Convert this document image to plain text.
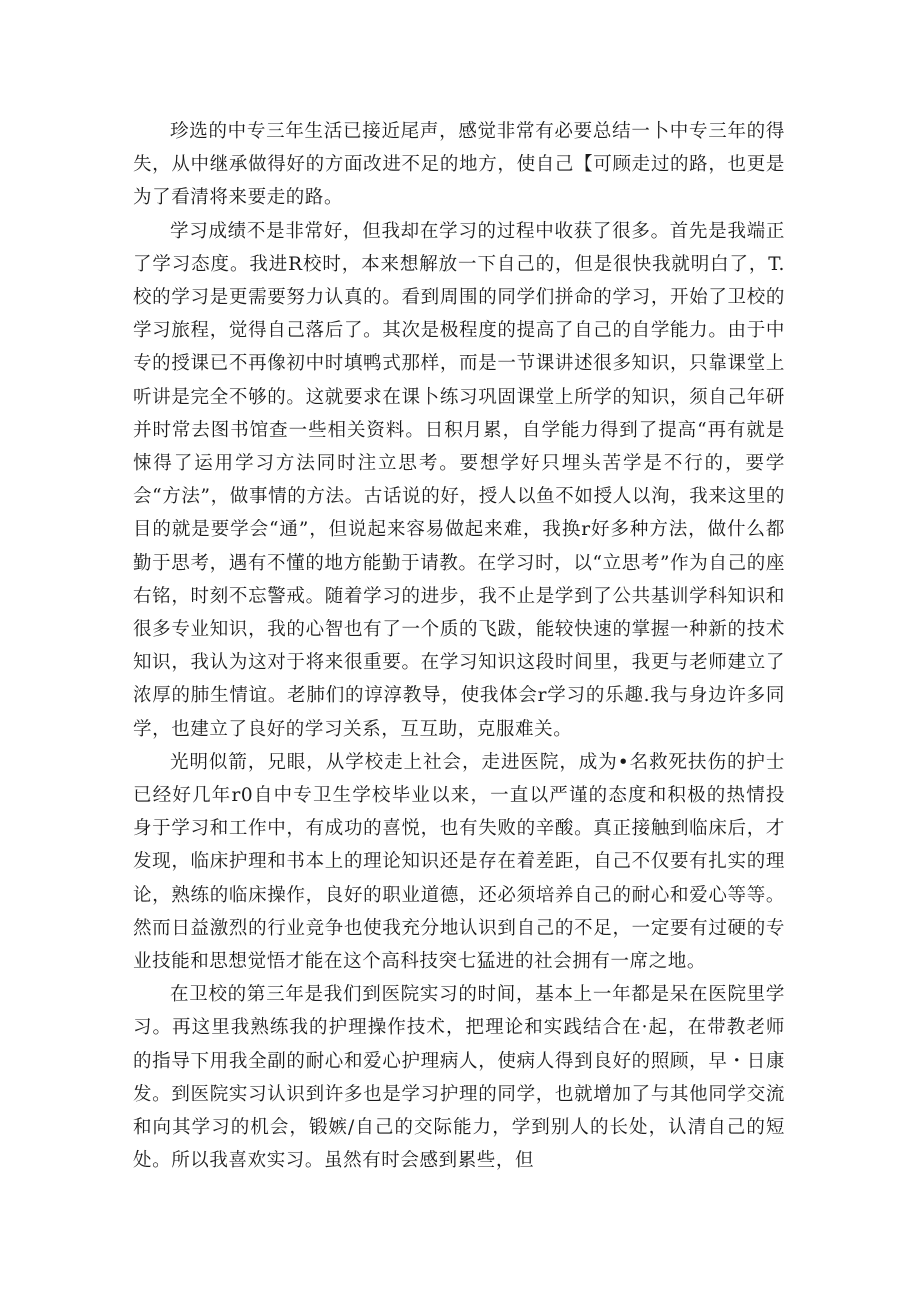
珍选的中专三年生活已接近尾声，感觉非常有必要总结一卜中专三年的得失，从中继承做得好的方面改进不足的地方，使自己【可顾走过的路，也更是为了看清将来要走的路。

学习成绩不是非常好，但我却在学习的过程中收获了很多。首先是我端正了学习态度。我进R校时，本来想解放一下自己的，但是很快我就明白了，T.校的学习是更需要努力认真的。看到周围的同学们拼命的学习，开始了卫校的学习旅程，觉得自己落后了。其次是极程度的提高了自己的自学能力。由于中专的授课已不再像初中时填鸭式那样，而是一节课讲述很多知识，只靠课堂上听讲是完全不够的。这就要求在课卜练习巩固课堂上所学的知识，须自己年研并时常去图书馆查一些相关资料。日积月累，自学能力得到了提高“再有就是悚得了运用学习方法同时注立思考。要想学好只埋头苦学是不行的，要学会“方法”，做事情的方法。古话说的好，授人以鱼不如授人以洵，我来这里的目的就是要学会“通”，但说起来容易做起来难，我换r好多种方法，做什么都勤于思考，遇有不懂的地方能勤于请教。在学习时，以“立思考”作为自己的座右铭，时刻不忘警戒。随着学习的进步，我不止是学到了公共基训学科知识和很多专业知识，我的心智也有了一个质的飞跋，能较快速的掌握一种新的技术知识，我认为这对于将来很重要。在学习知识这段时间里，我更与老师建立了浓厚的肺生情谊。老肺们的谆淳教导，使我体会r学习的乐趣.我与身边许多同学，也建立了良好的学习关系，互互助，克服难关。

光明似箭，兄眼，从学校走上社会，走进医院，成为•名救死扶伤的护士已经好几年r0自中专卫生学校毕业以来，一直以严谨的态度和积极的热情投身于学习和工作中，有成功的喜悦，也有失败的辛酸。真正接触到临床后，才发现，临床护理和书本上的理论知识还是存在着差距，自己不仅要有扎实的理论，熟练的临床操作，良好的职业道德，还必须培养自己的耐心和爱心等等。然而日益激烈的行业竞争也使我充分地认识到自己的不足，一定要有过硬的专业技能和思想觉悟才能在这个高科技突七猛进的社会拥有一席之地。

在卫校的第三年是我们到医院实习的时间，基本上一年都是呆在医院里学习。再这里我熟练我的护理操作技术，把理论和实践结合在·起，在带教老师的指导下用我全副的耐心和爱心护理病人，使病人得到良好的照顾，早・日康发。到医院实习认识到许多也是学习护理的同学，也就增加了与其他同学交流和向其学习的机会，锻嫉/自己的交际能力，学到别人的长处，认清自己的短处。所以我喜欢实习。虽然有时会感到累些，但
